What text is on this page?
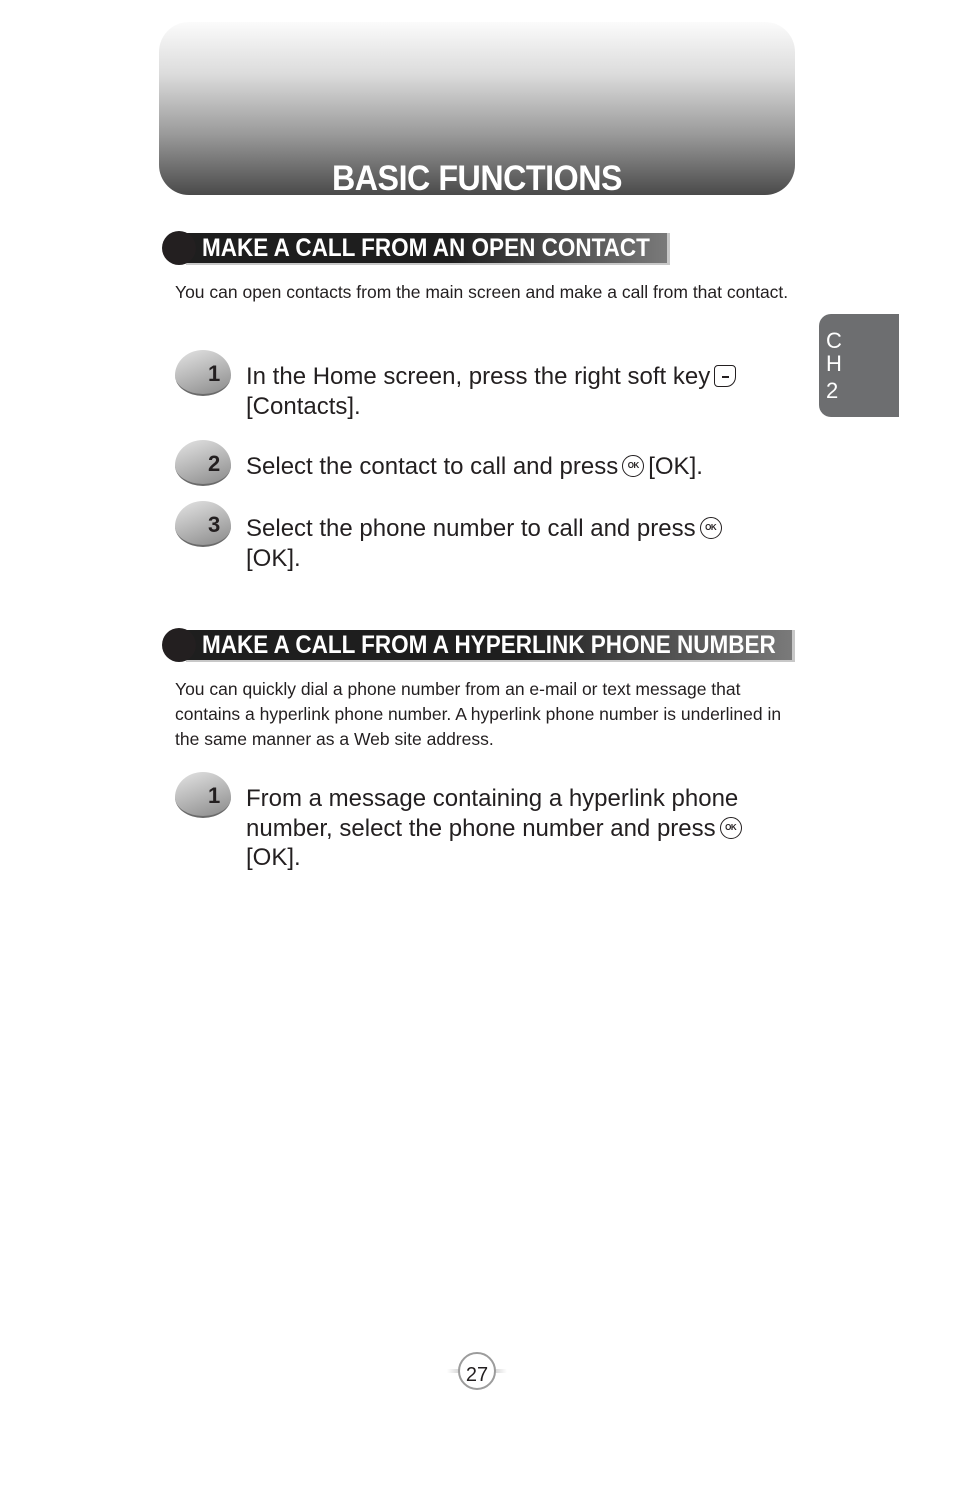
BASIC FUNCTIONS
C
H
2
MAKE A CALL FROM AN OPEN CONTACT
You can open contacts from the main screen and make a call from that contact.
1 In the Home screen, press the right soft key
[Contacts].
2 Select the contact to call and pressOK [OK].
3 Select the phone number to call and pressOK
[OK].
MAKE A CALL FROM A HYPERLINK PHONE NUMBER
You can quickly dial a phone number from an e-mail or text message that contains a hyperlink phone number. A hyperlink phone number is underlined in the same manner as a Web site address.
1 From a message containing a hyperlink phone number, select the phone number and pressOK
[OK].
27
